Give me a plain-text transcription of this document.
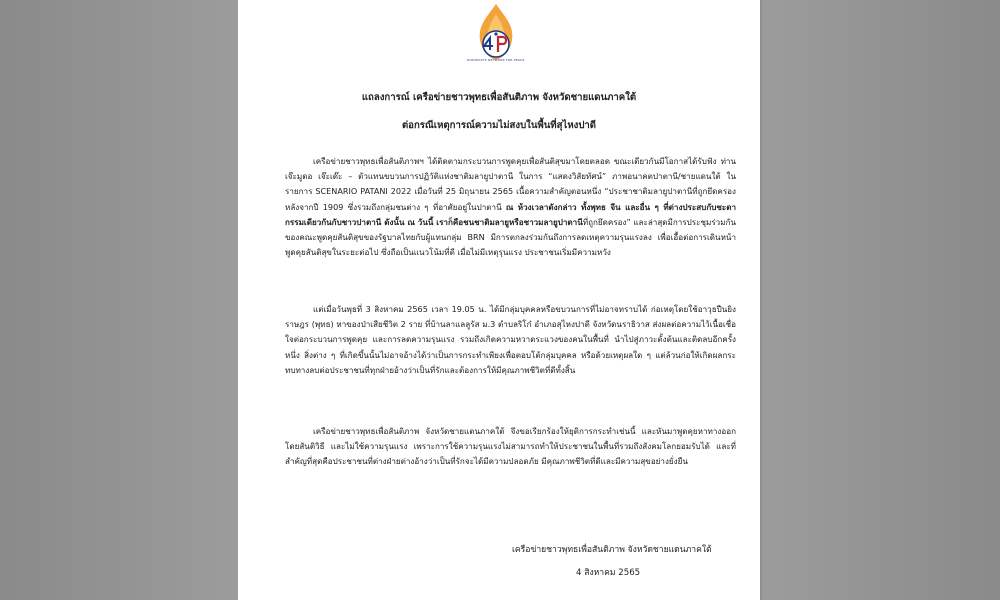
BUDDHISTS NETWORK FOR PEACE
แถลงการณ์ เครือข่ายชาวพุทธเพื่อสันติภาพ จังหวัดชายแดนภาคใต้
ต่อกรณีเหตุการณ์ความไม่สงบในพื้นที่สุไหงปาดี

เครือข่ายชาวพุทธเพื่อสันติภาพฯ ได้ติดตามกระบวนการพูดคุยเพื่อสันติสุขมาโดยตลอด ขณะเดียวกันมีโอกาสได้รับฟัง ท่านเจ๊ะมูดอ เจ๊ะเด๊ะ – ตัวแทนขบวนการปฏิวัติแห่งชาติมลายูปาตานี ในการ “แสดงวิสัยทัศน์” ภาพอนาคตปาตานี/ชายแดนใต้ ในรายการ SCENARIO PATANI 2022 เมื่อวันที่ 25 มิถุนายน 2565 เนื้อความสำคัญตอนหนึ่ง “ประชาชาติมลายูปาตานีที่ถูกยึดครองหลังจากปี 1909 ซึ่งรวมถึงกลุ่มชนต่าง ๆ ที่อาศัยอยู่ในปาตานี ณ ห้วงเวลาดังกล่าว ทั้งพุทธ จีน และอื่น ๆ ที่ต่างประสบกับชะตากรรมเดียวกันกับชาวปาตานี ดังนั้น ณ วันนี้ เราก็คือชนชาติมลายูหรือชาวมลายูปาตานีที่ถูกยึดครอง” และล่าสุดมีการประชุมร่วมกันของคณะพูดคุยสันติสุขของรัฐบาลไทยกับผู้แทนกลุ่ม BRN มีการตกลงร่วมกันถึงการลดเหตุความรุนแรงลง เพื่อเอื้อต่อการเดินหน้าพูดคุยสันติสุขในระยะต่อไป ซึ่งถือเป็นแนวโน้มที่ดี เมื่อไม่มีเหตุรุนแรง ประชาชนเริ่มมีความหวัง

แต่เมื่อวันพุธที่ 3 สิงหาคม 2565 เวลา 19.05 น. ได้มีกลุ่มบุคคลหรือขบวนการที่ไม่อาจทราบได้ ก่อเหตุโดยใช้อาวุธปืนยิงราษฎร (พุทธ) หาของป่าเสียชีวิต 2 ราย ที่บ้านลาแลลูรัส ม.3 ตำบลริโก๋ อำเภอสุไหงปาดี จังหวัดนราธิวาส ส่งผลต่อความไว้เนื้อเชื่อใจต่อกระบวนการพูดคุย และการลดความรุนแรง รวมถึงเกิดความหวาดระแวงของคนในพื้นที่ นำไปสู่ภาวะตั้งต้นและติดลบอีกครั้งหนึ่ง สิ่งต่าง ๆ ที่เกิดขึ้นนั้นไม่อาจอ้างได้ว่าเป็นการกระทำเพียงเพื่อตอบโต้กลุ่มบุคคล หรือด้วยเหตุผลใด ๆ แต่ล้วนก่อให้เกิดผลกระทบทางลบต่อประชาชนที่ทุกฝ่ายอ้างว่าเป็นที่รักและต้องการให้มีคุณภาพชีวิตที่ดีทั้งสิ้น

เครือข่ายชาวพุทธเพื่อสันติภาพ จังหวัดชายแดนภาคใต้ จึงขอเรียกร้องให้ยุติการกระทำเช่นนี้ และหันมาพูดคุยหาทางออกโดยสันติวิธี และไม่ใช้ความรุนแรง เพราะการใช้ความรุนแรงไม่สามารถทำให้ประชาชนในพื้นที่รวมถึงสังคมโลกยอมรับได้ และที่สำคัญที่สุดคือประชาชนที่ต่างฝ่ายต่างอ้างว่าเป็นที่รักจะได้มีความปลอดภัย มีคุณภาพชีวิตที่ดีและมีความสุขอย่างยั่งยืน

เครือข่ายชาวพุทธเพื่อสันติภาพ จังหวัดชายแดนภาคใต้
4 สิงหาคม 2565
